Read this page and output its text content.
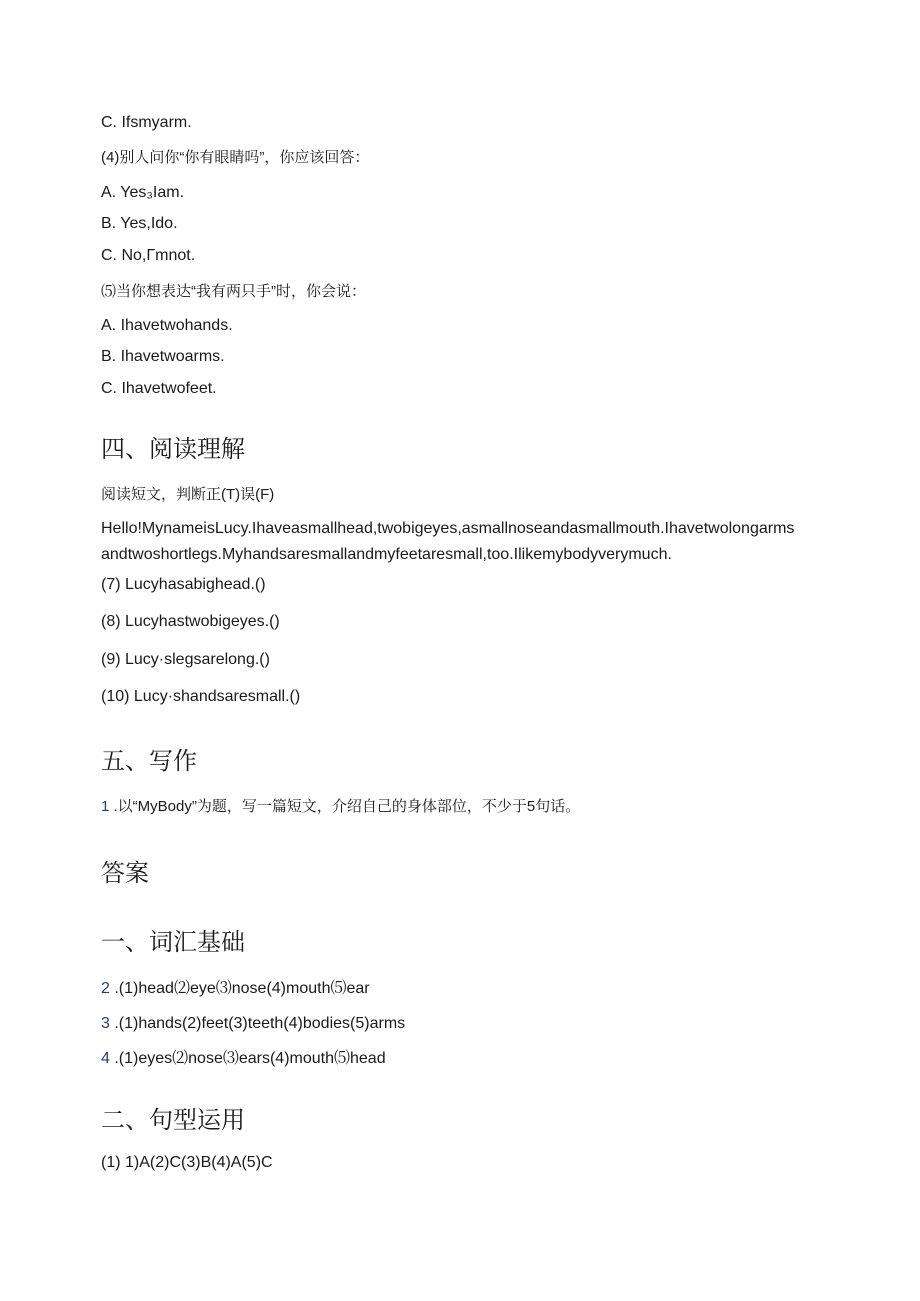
C. Ifsmyarm.
(4)别人问你“你有眼睛吗”，你应该回答：
A. Yes₃Iam.
B. Yes,Ido.
C. No,Γmnot.
⑸当你想表达“我有两只手”时，你会说：
A. Ihavetwohands.
B. Ihavetwoarms.
C. Ihavetwofeet.
四、阅读理解
阅读短文，判断正(T)误(F)
Hello!MynameisLucy.Ihaveasmallhead,twobigeyes,asmallnoseandasmallmouth.Ihavetwolongarmsandtwoshortlegs.Myhandsaresmallandmyfeetaresmall,too.Ilikemybodyverymuch.
(7) Lucyhasabighead.()
(8) Lucyhastwobigeyes.()
(9) Lucy·slegsarelong.()
(10) Lucy·shandsaresmall.()
五、写作
1 .以“MyBody”为题，写一篇短文，介绍自己的身体部位，不少于5句话。
答案
一、词汇基础
2 .(1)head⑵eye⑶nose(4)mouth⑸ear
3 .(1)hands(2)feet(3)teeth(4)bodies(5)arms
4 .(1)eyes⑵nose⑶ears(4)mouth⑸head
二、句型运用
(1) 1)A(2)C(3)B(4)A(5)C
